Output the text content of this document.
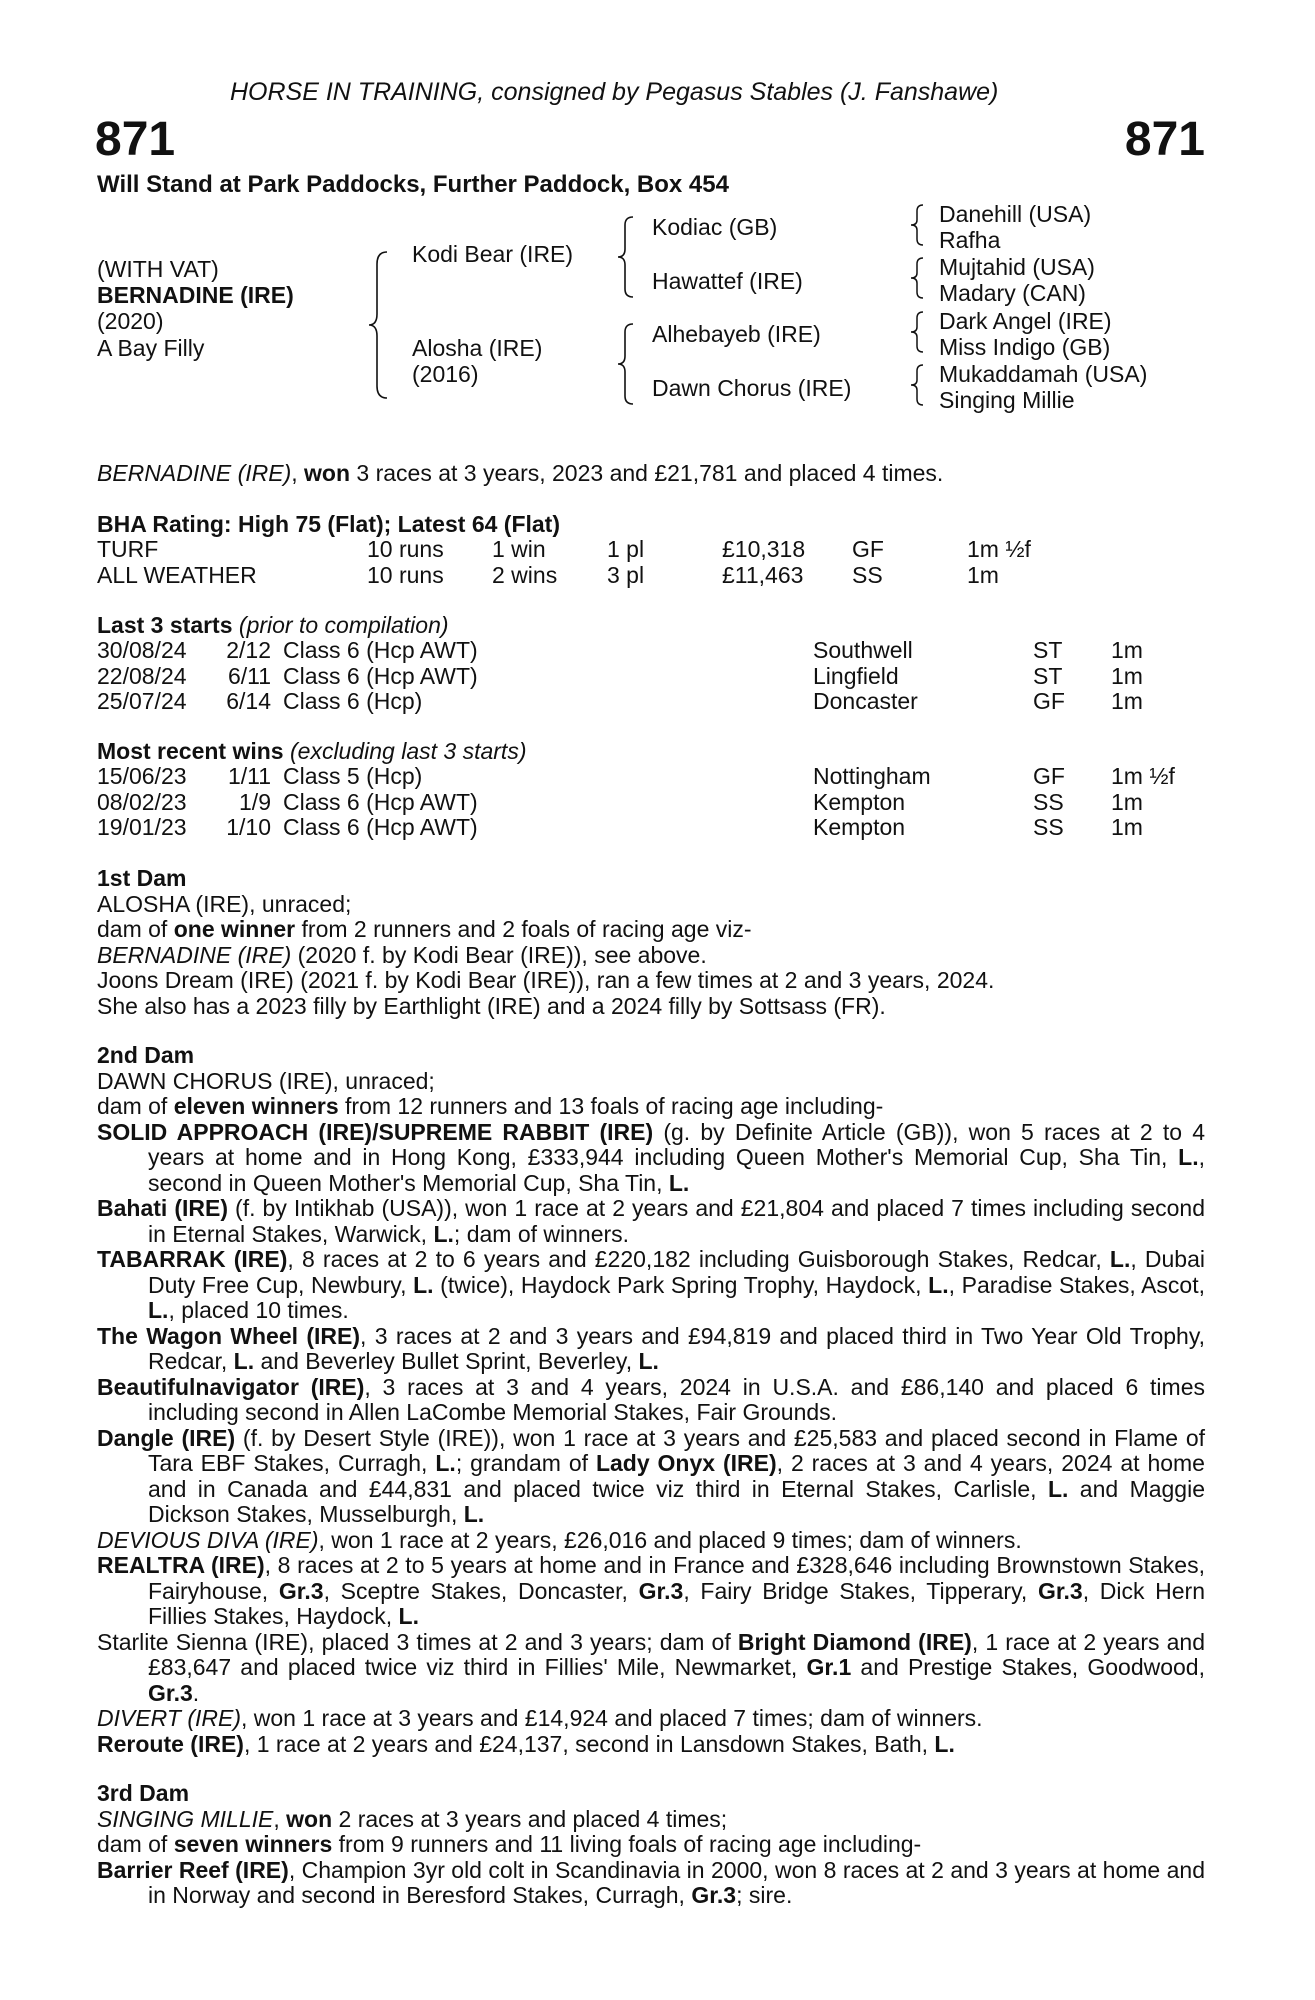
HORSE IN TRAINING, consigned by Pegasus Stables (J. Fanshawe)
871	871
Will Stand at Park Paddocks, Further Paddock, Box 454
(WITH VAT)
BERNADINE (IRE)
(2020)
A Bay Filly
Kodi Bear (IRE)
Alosha (IRE)
(2016)
Kodiac (GB)
Hawattef (IRE)
Alhebayeb (IRE)
Dawn Chorus (IRE)
Danehill (USA)
Rafha
Mujtahid (USA)
Madary (CAN)
Dark Angel (IRE)
Miss Indigo (GB)
Mukaddamah (USA)
Singing Millie
BERNADINE (IRE), won 3 races at 3 years, 2023 and £21,781 and placed 4 times.
BHA Rating: High 75 (Flat); Latest 64 (Flat)
TURF	10 runs	1 win	1 pl	£10,318	GF	1m ½f
ALL WEATHER	10 runs	2 wins	3 pl	£11,463	SS	1m
Last 3 starts (prior to compilation)
30/08/24	2/12	Class 6 (Hcp AWT)	Southwell	ST	1m
22/08/24	6/11	Class 6 (Hcp AWT)	Lingfield	ST	1m
25/07/24	6/14	Class 6 (Hcp)	Doncaster	GF	1m
Most recent wins (excluding last 3 starts)
15/06/23	1/11	Class 5 (Hcp)	Nottingham	GF	1m ½f
08/02/23	1/9	Class 6 (Hcp AWT)	Kempton	SS	1m
19/01/23	1/10	Class 6 (Hcp AWT)	Kempton	SS	1m

1st Dam

ALOSHA (IRE), unraced;

dam of one winner from 2 runners and 2 foals of racing age viz-

BERNADINE (IRE) (2020 f. by Kodi Bear (IRE)), see above.

Joons Dream (IRE) (2021 f. by Kodi Bear (IRE)), ran a few times at 2 and 3 years, 2024.

She also has a 2023 filly by Earthlight (IRE) and a 2024 filly by Sottsass (FR).

2nd Dam

DAWN CHORUS (IRE), unraced;

dam of eleven winners from 12 runners and 13 foals of racing age including-

SOLID APPROACH (IRE)/SUPREME RABBIT (IRE) (g. by Definite Article (GB)), won 5 races at 2 to 4 years at home and in Hong Kong, £333,944 including Queen Mother's Memorial Cup, Sha Tin, L., second in Queen Mother's Memorial Cup, Sha Tin, L.

Bahati (IRE) (f. by Intikhab (USA)), won 1 race at 2 years and £21,804 and placed 7 times including second in Eternal Stakes, Warwick, L.; dam of winners.

TABARRAK (IRE), 8 races at 2 to 6 years and £220,182 including Guisborough Stakes, Redcar, L., Dubai Duty Free Cup, Newbury, L. (twice), Haydock Park Spring Trophy, Haydock, L., Paradise Stakes, Ascot, L., placed 10 times.

The Wagon Wheel (IRE), 3 races at 2 and 3 years and £94,819 and placed third in Two Year Old Trophy, Redcar, L. and Beverley Bullet Sprint, Beverley, L.

Beautifulnavigator (IRE), 3 races at 3 and 4 years, 2024 in U.S.A. and £86,140 and placed 6 times including second in Allen LaCombe Memorial Stakes, Fair Grounds.

Dangle (IRE) (f. by Desert Style (IRE)), won 1 race at 3 years and £25,583 and placed second in Flame of Tara EBF Stakes, Curragh, L.; grandam of Lady Onyx (IRE), 2 races at 3 and 4 years, 2024 at home and in Canada and £44,831 and placed twice viz third in Eternal Stakes, Carlisle, L. and Maggie Dickson Stakes, Musselburgh, L.

DEVIOUS DIVA (IRE), won 1 race at 2 years, £26,016 and placed 9 times; dam of winners.

REALTRA (IRE), 8 races at 2 to 5 years at home and in France and £328,646 including Brownstown Stakes, Fairyhouse, Gr.3, Sceptre Stakes, Doncaster, Gr.3, Fairy Bridge Stakes, Tipperary, Gr.3, Dick Hern Fillies Stakes, Haydock, L.

Starlite Sienna (IRE), placed 3 times at 2 and 3 years; dam of Bright Diamond (IRE), 1 race at 2 years and £83,647 and placed twice viz third in Fillies' Mile, Newmarket, Gr.1 and Prestige Stakes, Goodwood, Gr.3.

DIVERT (IRE), won 1 race at 3 years and £14,924 and placed 7 times; dam of winners.

Reroute (IRE), 1 race at 2 years and £24,137, second in Lansdown Stakes, Bath, L.

3rd Dam

SINGING MILLIE, won 2 races at 3 years and placed 4 times;

dam of seven winners from 9 runners and 11 living foals of racing age including-

Barrier Reef (IRE), Champion 3yr old colt in Scandinavia in 2000, won 8 races at 2 and 3 years at home and in Norway and second in Beresford Stakes, Curragh, Gr.3; sire.
